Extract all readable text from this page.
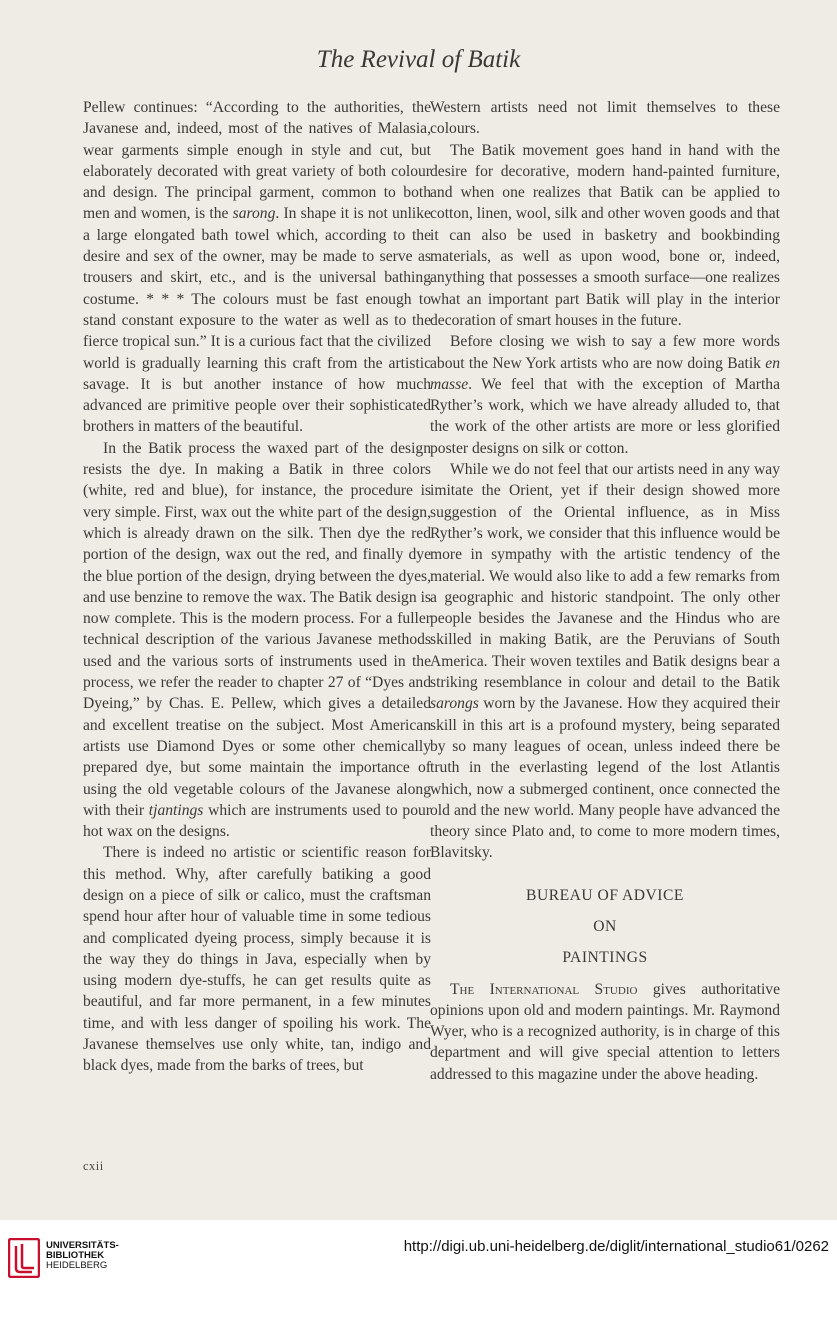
The Revival of Batik

Pellew continues: “According to the authorities, the Javanese and, indeed, most of the natives of Malasia, wear garments simple enough in style and cut, but elaborately decorated with great variety of both colour and design. The principal garment, common to both men and women, is the sarong. In shape it is not unlike a large elongated bath towel which, according to the desire and sex of the owner, may be made to serve as trousers and skirt, etc., and is the universal bathing costume. * * * The colours must be fast enough to stand constant exposure to the water as well as to the fierce tropical sun.” It is a curious fact that the civilized world is gradually learning this craft from the artistic savage. It is but another instance of how much advanced are primitive people over their sophisticated brothers in matters of the beautiful.

In the Batik process the waxed part of the design resists the dye. In making a Batik in three colors (white, red and blue), for instance, the procedure is very simple. First, wax out the white part of the design, which is already drawn on the silk. Then dye the red portion of the design, wax out the red, and finally dye the blue portion of the design, drying between the dyes, and use benzine to remove the wax. The Batik design is now complete. This is the modern process. For a fuller technical description of the various Javanese methods used and the various sorts of instruments used in the process, we refer the reader to chapter 27 of “Dyes and Dyeing,” by Chas. E. Pellew, which gives a detailed and excellent treatise on the subject. Most American artists use Diamond Dyes or some other chemically prepared dye, but some maintain the importance of using the old vegetable colours of the Javanese along with their tjantings which are instruments used to pour hot wax on the designs.

There is indeed no artistic or scientific reason for this method. Why, after carefully batiking a good design on a piece of silk or calico, must the craftsman spend hour after hour of valuable time in some tedious and complicated dyeing process, simply because it is the way they do things in Java, especially when by using modern dye-stuffs, he can get results quite as beautiful, and far more permanent, in a few minutes time, and with less danger of spoiling his work. The Javanese themselves use only white, tan, indigo and black dyes, made from the barks of trees, but

Western artists need not limit themselves to these colours.

The Batik movement goes hand in hand with the desire for decorative, modern hand-painted furniture, and when one realizes that Batik can be applied to cotton, linen, wool, silk and other woven goods and that it can also be used in basketry and bookbinding materials, as well as upon wood, bone or, indeed, anything that possesses a smooth surface—one realizes what an important part Batik will play in the interior decoration of smart houses in the future.

Before closing we wish to say a few more words about the New York artists who are now doing Batik en masse. We feel that with the exception of Martha Ryther’s work, which we have already alluded to, that the work of the other artists are more or less glorified poster designs on silk or cotton.

While we do not feel that our artists need in any way imitate the Orient, yet if their design showed more suggestion of the Oriental influence, as in Miss Ryther’s work, we consider that this influence would be more in sympathy with the artistic tendency of the material. We would also like to add a few remarks from a geographic and historic standpoint. The only other people besides the Javanese and the Hindus who are skilled in making Batik, are the Peruvians of South America. Their woven textiles and Batik designs bear a striking resemblance in colour and detail to the Batik sarongs worn by the Javanese. How they acquired their skill in this art is a profound mystery, being separated by so many leagues of ocean, unless indeed there be truth in the everlasting legend of the lost Atlantis which, now a submerged continent, once connected the old and the new world. Many people have advanced the theory since Plato and, to come to more modern times, Blavitsky.

BUREAU OF ADVICE

ON

PAINTINGS

The International Studio gives authoritative opinions upon old and modern paintings. Mr. Raymond Wyer, who is a recognized authority, is in charge of this department and will give special attention to letters addressed to this magazine under the above heading.

cxii
UNIVERSITÄTS-
BIBLIOTHEK
HEIDELBERG
http://digi.ub.uni-heidelberg.de/diglit/international_studio61/0262
